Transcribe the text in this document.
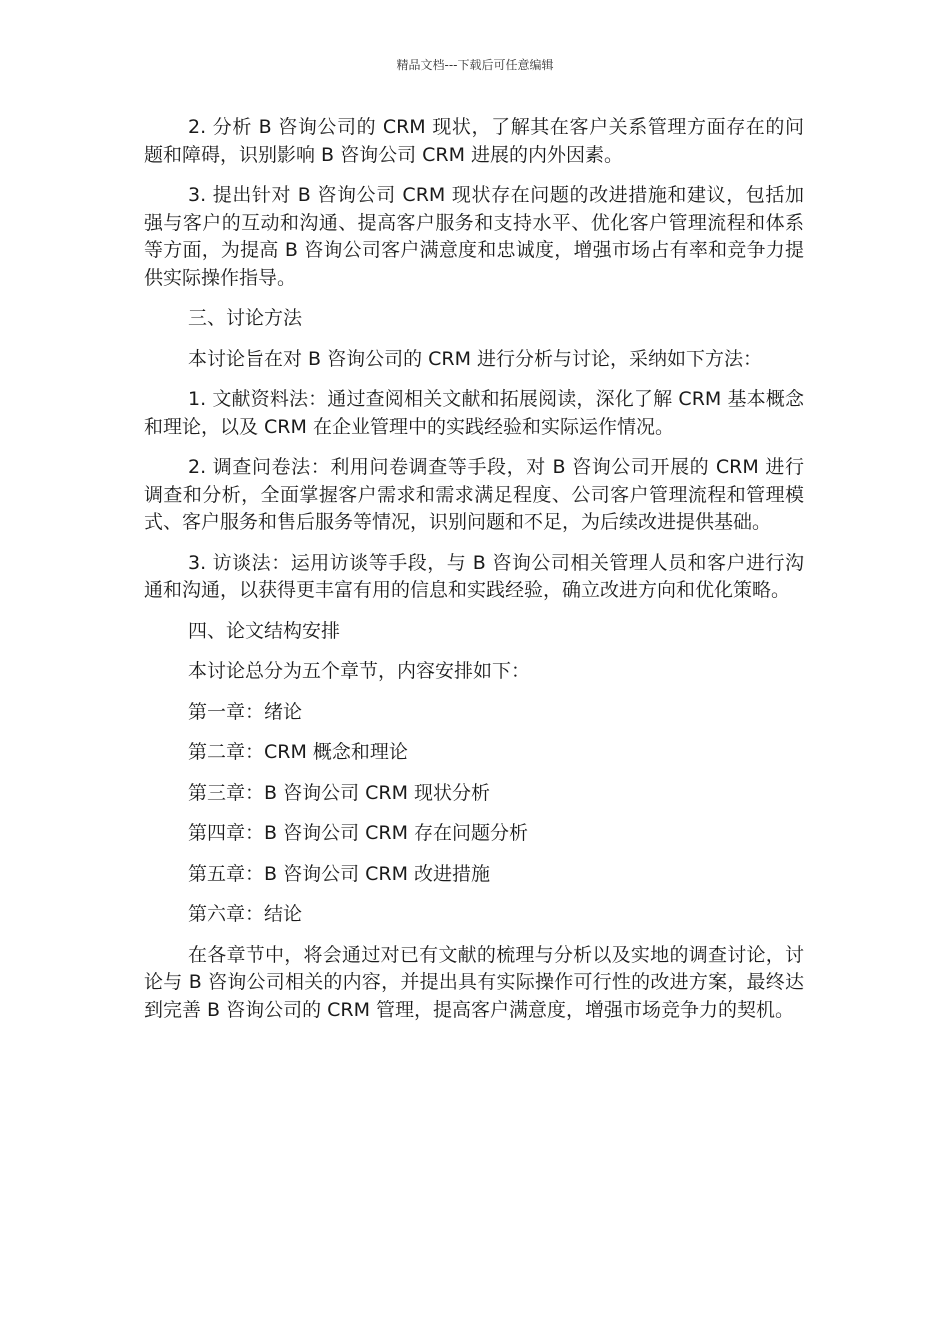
精品文档---下载后可任意编辑

2. 分析 B 咨询公司的 CRM 现状，了解其在客户关系管理方面存在的问题和障碍，识别影响 B 咨询公司 CRM 进展的内外因素。

3. 提出针对 B 咨询公司 CRM 现状存在问题的改进措施和建议，包括加强与客户的互动和沟通、提高客户服务和支持水平、优化客户管理流程和体系等方面，为提高 B 咨询公司客户满意度和忠诚度，增强市场占有率和竞争力提供实际操作指导。

三、讨论方法

本讨论旨在对 B 咨询公司的 CRM 进行分析与讨论，采纳如下方法：

1. 文献资料法：通过查阅相关文献和拓展阅读，深化了解 CRM 基本概念和理论，以及 CRM 在企业管理中的实践经验和实际运作情况。

2. 调查问卷法：利用问卷调查等手段，对 B 咨询公司开展的 CRM 进行调查和分析，全面掌握客户需求和需求满足程度、公司客户管理流程和管理模式、客户服务和售后服务等情况，识别问题和不足，为后续改进提供基础。

3. 访谈法：运用访谈等手段，与 B 咨询公司相关管理人员和客户进行沟通和沟通，以获得更丰富有用的信息和实践经验，确立改进方向和优化策略。

四、论文结构安排

本讨论总分为五个章节，内容安排如下：

第一章：绪论

第二章：CRM 概念和理论

第三章：B 咨询公司 CRM 现状分析

第四章：B 咨询公司 CRM 存在问题分析

第五章：B 咨询公司 CRM 改进措施

第六章：结论

在各章节中，将会通过对已有文献的梳理与分析以及实地的调查讨论，讨论与 B 咨询公司相关的内容，并提出具有实际操作可行性的改进方案，最终达到完善 B 咨询公司的 CRM 管理，提高客户满意度，增强市场竞争力的契机。
